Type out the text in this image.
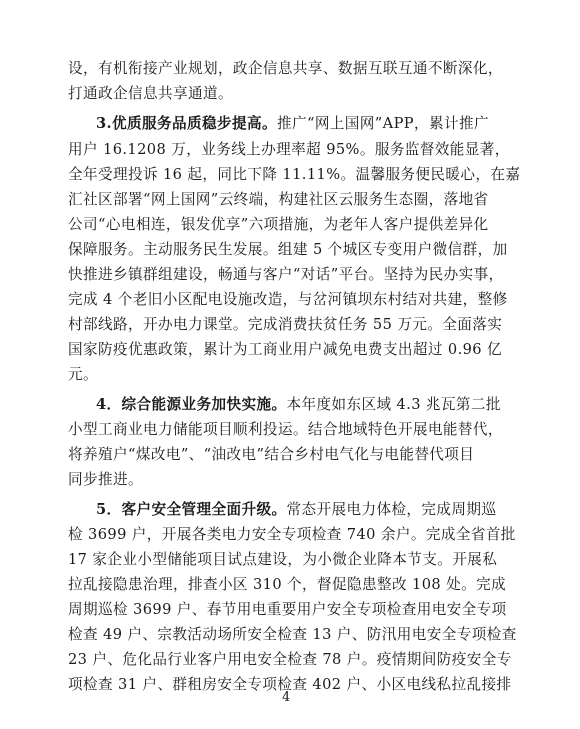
设，有机衔接产业规划，政企信息共享、数据互联互通不断深化，
打通政企信息共享通道。
3.优质服务品质稳步提高。推广“网上国网”APP，累计推广
用户 16.1208 万，业务线上办理率超 95%。服务监督效能显著，
全年受理投诉 16 起，同比下降 11.11%。温馨服务便民暖心，在嘉
汇社区部署“网上国网”云终端，构建社区云服务生态圈，落地省
公司“心电相连，银发优享”六项措施，为老年人客户提供差异化
保障服务。主动服务民生发展。组建 5 个城区专变用户微信群，加
快推进乡镇群组建设，畅通与客户“对话”平台。坚持为民办实事，
完成 4 个老旧小区配电设施改造，与岔河镇坝东村结对共建，整修
村部线路，开办电力课堂。完成消费扶贫任务 55 万元。全面落实
国家防疫优惠政策，累计为工商业用户减免电费支出超过 0.96 亿
元。
4．综合能源业务加快实施。本年度如东区域 4.3 兆瓦第二批
小型工商业电力储能项目顺利投运。结合地域特色开展电能替代，
将养殖户“煤改电”、“油改电”结合乡村电气化与电能替代项目
同步推进。
5．客户安全管理全面升级。常态开展电力体检，完成周期巡
检 3699 户，开展各类电力安全专项检查 740 余户。完成全省首批
17 家企业小型储能项目试点建设，为小微企业降本节支。开展私
拉乱接隐患治理，排查小区 310 个，督促隐患整改 108 处。完成
周期巡检 3699 户、春节用电重要用户安全专项检查用电安全专项
检查 49 户、宗教活动场所安全检查 13 户、防汛用电安全专项检查
23 户、危化品行业客户用电安全检查 78 户。疫情期间防疫安全专
项检查 31 户、群租房安全专项检查 402 户、小区电线私拉乱接排
4
